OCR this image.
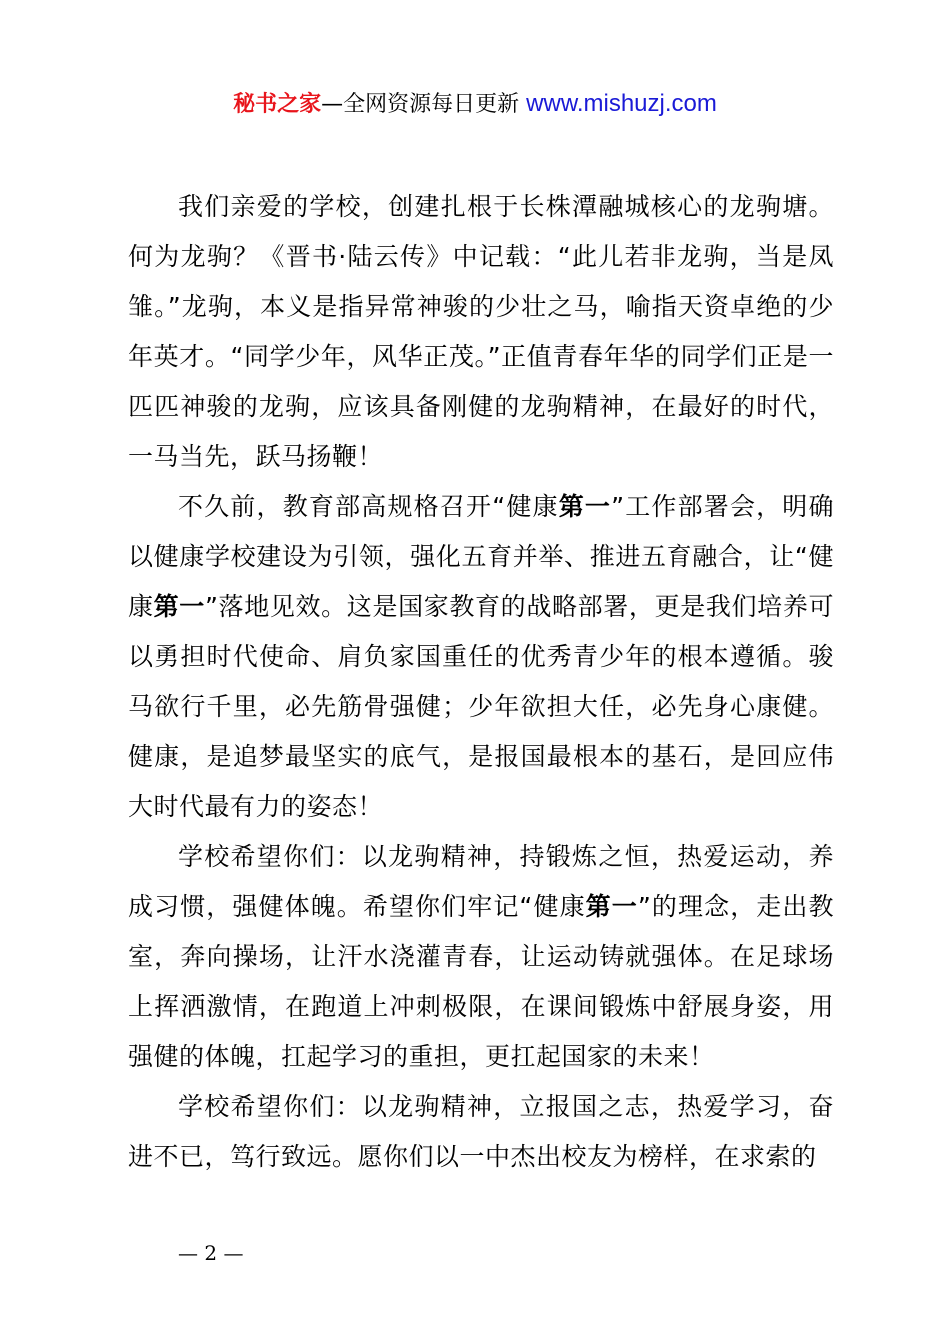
秘书之家—全网资源每日更新 www.mishuzj.com

我们亲爱的学校，创建扎根于长株潭融城核心的龙驹塘。何为龙驹？《晋书·陆云传》中记载：“此儿若非龙驹，当是凤雏。”龙驹，本义是指异常神骏的少壮之马，喻指天资卓绝的少年英才。“同学少年，风华正茂。”正值青春年华的同学们正是一匹匹神骏的龙驹，应该具备刚健的龙驹精神，在最好的时代，一马当先，跃马扬鞭！

不久前，教育部高规格召开“健康第一”工作部署会，明确以健康学校建设为引领，强化五育并举、推进五育融合，让“健康第一”落地见效。这是国家教育的战略部署，更是我们培养可以勇担时代使命、肩负家国重任的优秀青少年的根本遵循。骏马欲行千里，必先筋骨强健；少年欲担大任，必先身心康健。健康，是追梦最坚实的底气，是报国最根本的基石，是回应伟大时代最有力的姿态！

学校希望你们：以龙驹精神，持锻炼之恒，热爱运动，养成习惯，强健体魄。希望你们牢记“健康第一”的理念，走出教室，奔向操场，让汗水浇灌青春，让运动铸就强体。在足球场上挥洒激情，在跑道上冲刺极限，在课间锻炼中舒展身姿，用强健的体魄，扛起学习的重担，更扛起国家的未来！

学校希望你们：以龙驹精神，立报国之志，热爱学习，奋进不已，笃行致远。愿你们以一中杰出校友为榜样，在求索的

— 2 —
